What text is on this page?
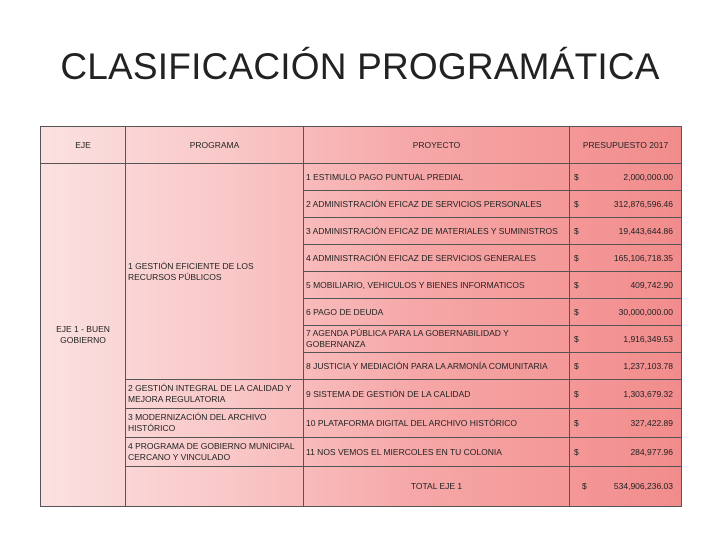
CLASIFICACIÓN PROGRAMÁTICA
EJE	PROGRAMA	PROYECTO	PRESUPUESTO 2017
EJE 1 - BUEN GOBIERNO	1 GESTIÓN EFICIENTE DE LOS RECURSOS PÚBLICOS	1 ESTIMULO PAGO PUNTUAL PREDIAL	$ 2,000,000.00

		2 ADMINISTRACIÓN EFICAZ DE SERVICIOS PERSONALES	$ 312,876,596.46

		3 ADMINISTRACIÓN EFICAZ DE MATERIALES Y SUMINISTROS	$ 19,443,644.86

		4 ADMINISTRACIÓN EFICAZ DE SERVICIOS GENERALES	$ 165,106,718.35

		5 MOBILIARIO, VEHICULOS Y BIENES INFORMATICOS	$ 409,742.90

		6 PAGO DE DEUDA	$ 30,000,000.00

		7 AGENDA PÚBLICA PARA LA GOBERNABILIDAD Y GOBERNANZA	$ 1,916,349.53

		8 JUSTICIA Y MEDIACIÓN PARA LA ARMONÍA COMUNITARIA	$ 1,237,103.78

	2 GESTIÓN INTEGRAL DE LA CALIDAD Y MEJORA REGULATORIA	9 SISTEMA DE GESTIÓN DE LA CALIDAD	$ 1,303,679.32

	3 MODERNIZACIÓN DEL ARCHIVO HISTÓRICO	10 PLATAFORMA DIGITAL DEL ARCHIVO HISTÓRICO	$ 327,422.89

	4 PROGRAMA DE GOBIERNO MUNICIPAL CERCANO Y VINCULADO	11 NOS VEMOS EL MIERCOLES EN TU COLONIA	$ 284,977.96

		TOTAL EJE 1	$ 534,906,236.03
